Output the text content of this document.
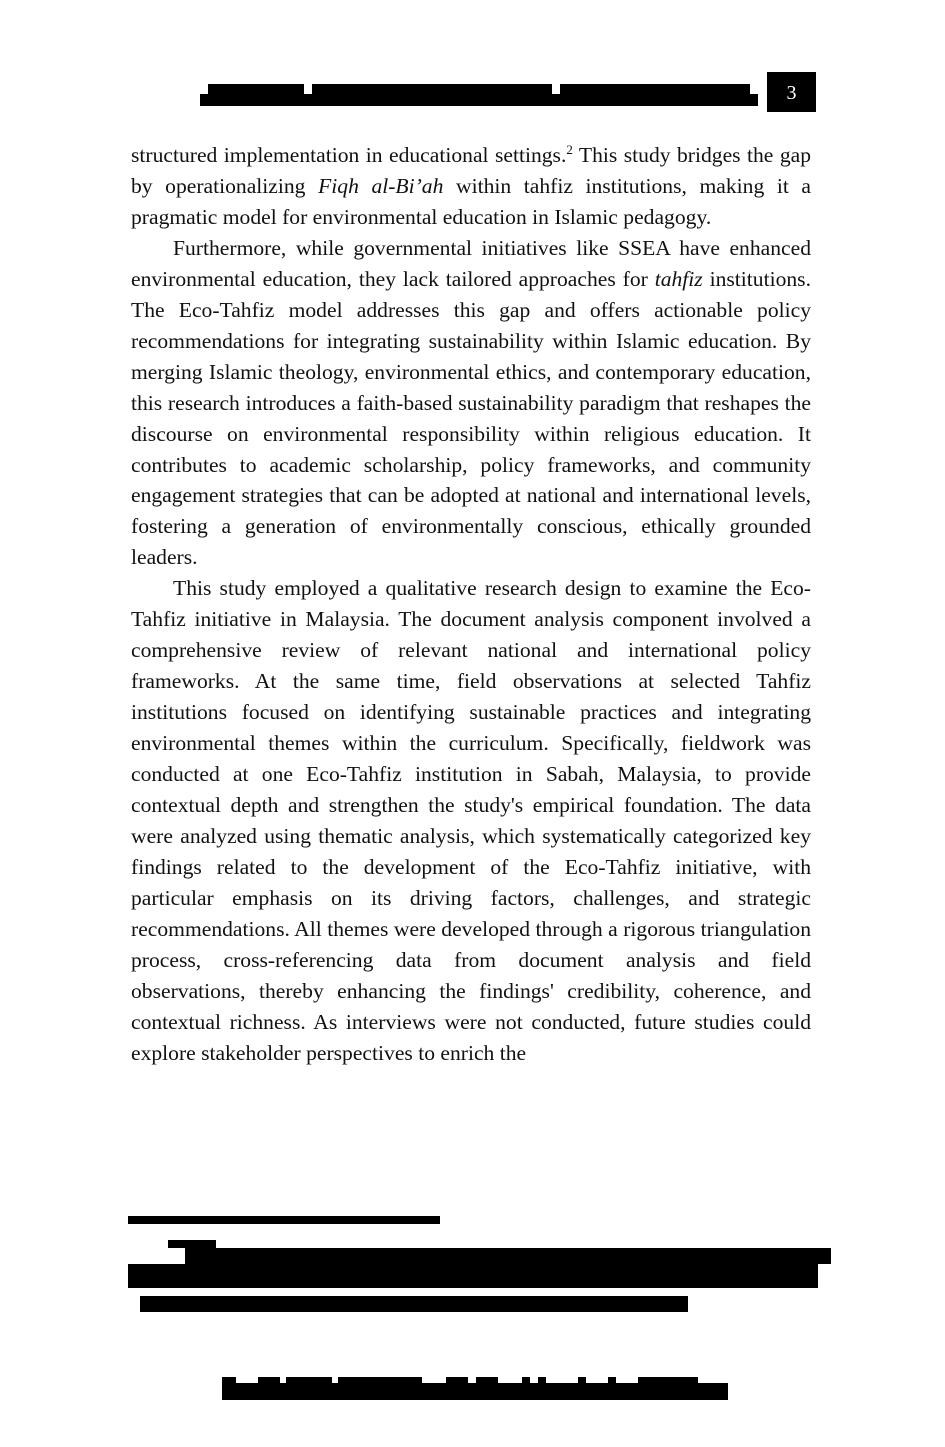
3

structured implementation in educational settings.$^2$ This study bridges the gap by operationalizing Fiqh al-Bi’ah within tahfiz institutions, making it a pragmatic model for environmental education in Islamic pedagogy.

Furthermore, while governmental initiatives like SSEA have enhanced environmental education, they lack tailored approaches for tahfiz institutions. The Eco-Tahfiz model addresses this gap and offers actionable policy recommendations for integrating sustainability within Islamic education. By merging Islamic theology, environmental ethics, and contemporary education, this research introduces a faith-based sustainability paradigm that reshapes the discourse on environmental responsibility within religious education. It contributes to academic scholarship, policy frameworks, and community engagement strategies that can be adopted at national and international levels, fostering a generation of environmentally conscious, ethically grounded leaders.

This study employed a qualitative research design to examine the Eco-Tahfiz initiative in Malaysia. The document analysis component involved a comprehensive review of relevant national and international policy frameworks. At the same time, field observations at selected Tahfiz institutions focused on identifying sustainable practices and integrating environmental themes within the curriculum. Specifically, fieldwork was conducted at one Eco-Tahfiz institution in Sabah, Malaysia, to provide contextual depth and strengthen the study's empirical foundation. The data were analyzed using thematic analysis, which systematically categorized key findings related to the development of the Eco-Tahfiz initiative, with particular emphasis on its driving factors, challenges, and strategic recommendations. All themes were developed through a rigorous triangulation process, cross-referencing data from document analysis and field observations, thereby enhancing the findings' credibility, coherence, and contextual richness. As interviews were not conducted, future studies could explore stakeholder perspectives to enrich the
